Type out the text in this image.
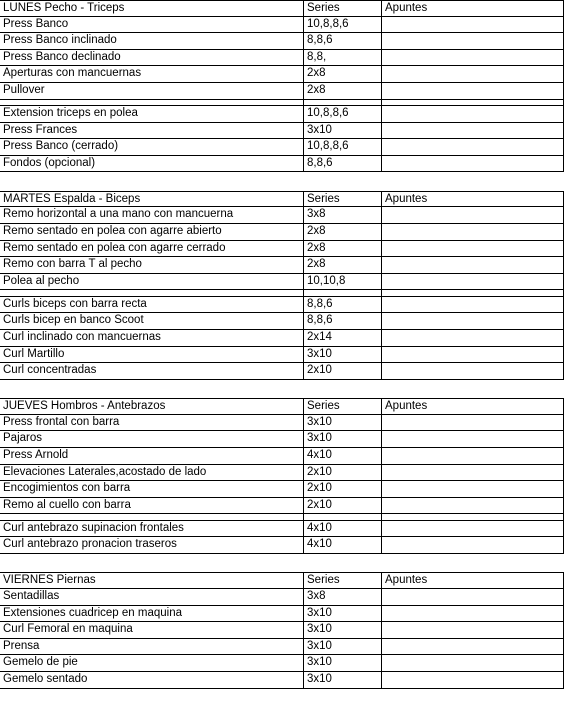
LUNES Pecho - Triceps	Series	Apuntes
Press Banco	10,8,8,6
Press Banco inclinado	8,8,6
Press Banco declinado	8,8,
Aperturas con mancuernas	2x8
Pullover	2x8
Extension triceps en polea	10,8,8,6
Press Frances	3x10
Press Banco (cerrado)	10,8,8,6
Fondos (opcional)	8,8,6
MARTES Espalda - Biceps	Series	Apuntes
Remo horizontal a una mano con mancuerna	3x8
Remo sentado en polea con agarre abierto	2x8
Remo sentado en polea con agarre cerrado	2x8
Remo con barra T al pecho	2x8
Polea al pecho	10,10,8
Curls biceps con barra recta	8,8,6
Curls bicep en banco Scoot	8,8,6
Curl inclinado con mancuernas	2x14
Curl Martillo	3x10
Curl concentradas	2x10
JUEVES Hombros - Antebrazos	Series	Apuntes
Press frontal con barra	3x10
Pajaros	3x10
Press Arnold	4x10
Elevaciones Laterales,acostado de lado	2x10
Encogimientos con barra	2x10
Remo al cuello con barra	2x10
Curl antebrazo supinacion frontales	4x10
Curl antebrazo pronacion traseros	4x10
VIERNES Piernas	Series	Apuntes
Sentadillas	3x8
Extensiones cuadricep en maquina	3x10
Curl Femoral en maquina	3x10
Prensa	3x10
Gemelo de pie	3x10
Gemelo sentado	3x10
